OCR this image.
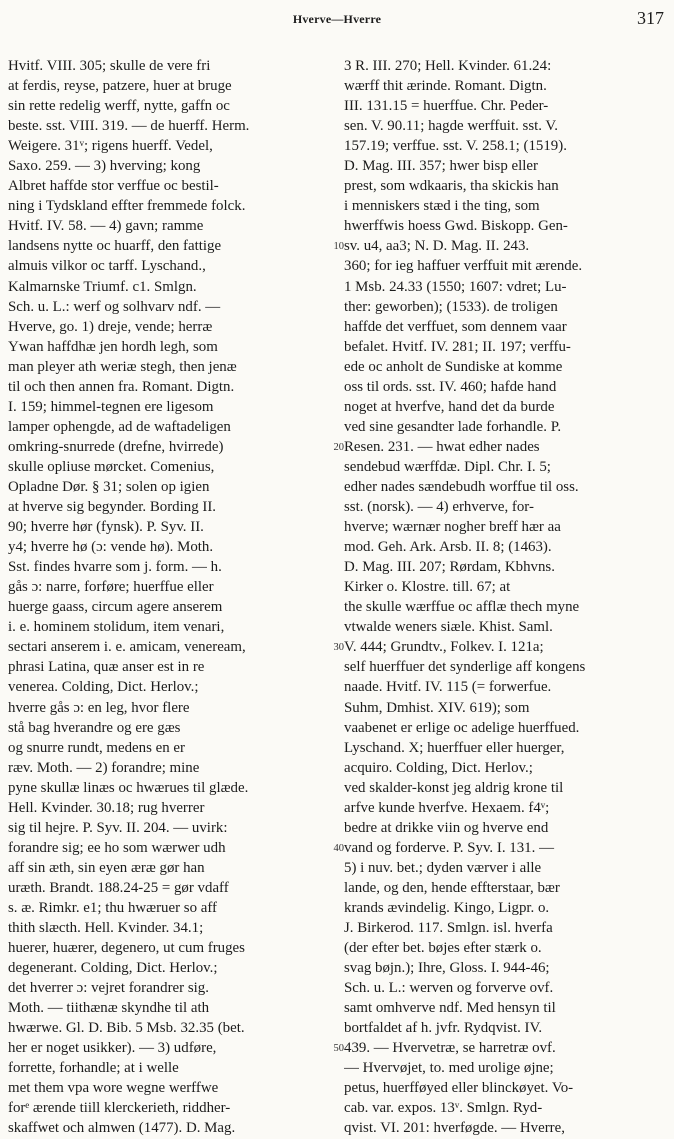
Hverve—Hverre	317
Hvitf. VIII. 305; skulle de vere fri
at ferdis, reyse, patzere, huer at bruge
sin rette redelig werff, nytte, gaffn oc
beste. sst. VIII. 319. — de huerff. Herm.
Weigere. 31ᵛ; rigens huerff. Vedel,
Saxo. 259. — 3) hverving; kong
Albret haffde stor verffue oc bestil-
ning i Tydskland effter fremmede folck.
Hvitf. IV. 58. — 4) gavn; ramme
landsens nytte oc huarff, den fattige
almuis vilkor oc tarff. Lyschand.,
Kalmarnske Triumf. c1. Smlgn.
Sch. u. L.: werf og solhvarv ndf. —
Hverve, go. 1) dreje, vende; herræ
Ywan haffdhæ jen hordh legh, som
man pleyer ath weriæ stegh, then jenæ
til och then annen fra. Romant. Digtn.
I. 159; himmel-tegnen ere ligesom
lamper ophengde, ad de waftadeligen
omkring-snurrede (drefne, hvirrede)
skulle opliuse mørcket. Comenius,
Opladne Dør. § 31; solen op igien
at hverve sig begynder. Bording II.
90; hverre hør (fynsk). P. Syv. II.
y4; hverre hø (ɔ: vende hø). Moth.
Sst. findes hvarre som j. form. — h.
gås ɔ: narre, forføre; huerffue eller
huerge gaass, circum agere anserem
i. e. hominem stolidum, item venari,
sectari anserem i. e. amicam, veneream,
phrasi Latina, quæ anser est in re
venerea. Colding, Dict. Herlov.;
hverre gås ɔ: en leg, hvor flere
stå bag hverandre og ere gæs
og snurre rundt, medens en er
ræv. Moth. — 2) forandre; mine
pyne skullæ linæs oc hwærues til glæde.
Hell. Kvinder. 30.18; rug hverrer
sig til hejre. P. Syv. II. 204. — uvirk:
forandre sig; ee ho som wærwer udh
aff sin æth, sin eyen æræ gør han
uræth. Brandt. 188.24-25 = gør vdaff
s. æ. Rimkr. e1; thu hwæruer so aff
thith slæcth. Hell. Kvinder. 34.1;
huerer, huærer, degenero, ut cum fruges
degenerant. Colding, Dict. Herlov.;
det hverrer ɔ: vejret forandrer sig.
Moth. — tiithænæ skyndhe til ath
hwærwe. Gl. D. Bib. 5 Msb. 32.35 (bet.
her er noget usikker). — 3) udføre,
forrette, forhandle; at i welle
met them vpa wore wegne werffwe
forᵉ ærende tiill klerckerieth, riddher-
skaffwet och almwen (1477). D. Mag.
10
20
30
40
50
3 R. III. 270; Hell. Kvinder. 61.24:
wærff thit ærinde. Romant. Digtn.
III. 131.15 = huerffue. Chr. Peder-
sen. V. 90.11; hagde werffuit. sst. V.
157.19; verffue. sst. V. 258.1; (1519).
D. Mag. III. 357; hwer bisp eller
prest, som wdkaaris, tha skickis han
i menniskers stæd i the ting, som
hwerffwis hoess Gwd. Biskopp. Gen-
sv. u4, aa3; N. D. Mag. II. 243.
360; for ieg haffuer verffuit mit ærende.
1 Msb. 24.33 (1550; 1607: vdret; Lu-
ther: geworben); (1533). de troligen
haffde det verffuet, som dennem vaar
befalet. Hvitf. IV. 281; II. 197; verffu-
ede oc anholt de Sundiske at komme
oss til ords. sst. IV. 460; hafde hand
noget at hverfve, hand det da burde
ved sine gesandter lade forhandle. P.
Resen. 231. — hwat edher nades
sendebud wærffdæ. Dipl. Chr. I. 5;
edher nades sændebudh worffue til oss.
sst. (norsk). — 4) erhverve, for-
hverve; wærnær nogher breff hær aa
mod. Geh. Ark. Arsb. II. 8; (1463).
D. Mag. III. 207; Rørdam, Kbhvns.
Kirker o. Klostre. till. 67; at
the skulle wærffue oc afflæ thech myne
vtwalde weners siæle. Khist. Saml.
V. 444; Grundtv., Folkev. I. 121a;
self huerffuer det synderlige aff kongens
naade. Hvitf. IV. 115 (= forwerfue.
Suhm, Dmhist. XIV. 619); som
vaabenet er erlige oc adelige huerffued.
Lyschand. X; huerffuer eller huerger,
acquiro. Colding, Dict. Herlov.;
ved skalder-konst jeg aldrig krone til
arfve kunde hverfve. Hexaem. f4ᵛ;
bedre at drikke viin og hverve end
vand og forderve. P. Syv. I. 131. —
5) i nuv. bet.; dyden værver i alle
lande, og den, hende effterstaar, bær
krands ævindelig. Kingo, Ligpr. o.
J. Birkerod. 117. Smlgn. isl. hverfa
(der efter bet. bøjes efter stærk o.
svag bøjn.); Ihre, Gloss. I. 944-46;
Sch. u. L.: werven og forverve ovf.
samt omhverve ndf. Med hensyn til
bortfaldet af h. jvfr. Rydqvist. IV.
439. — Hvervetræ, se harretræ ovf.
— Hvervøjet, to. med urolige øjne;
petus, huerfføyed eller blinckøyet. Vo-
cab. var. expos. 13ᵛ. Smlgn. Ryd-
qvist. VI. 201: hverføgde. — Hverre,
